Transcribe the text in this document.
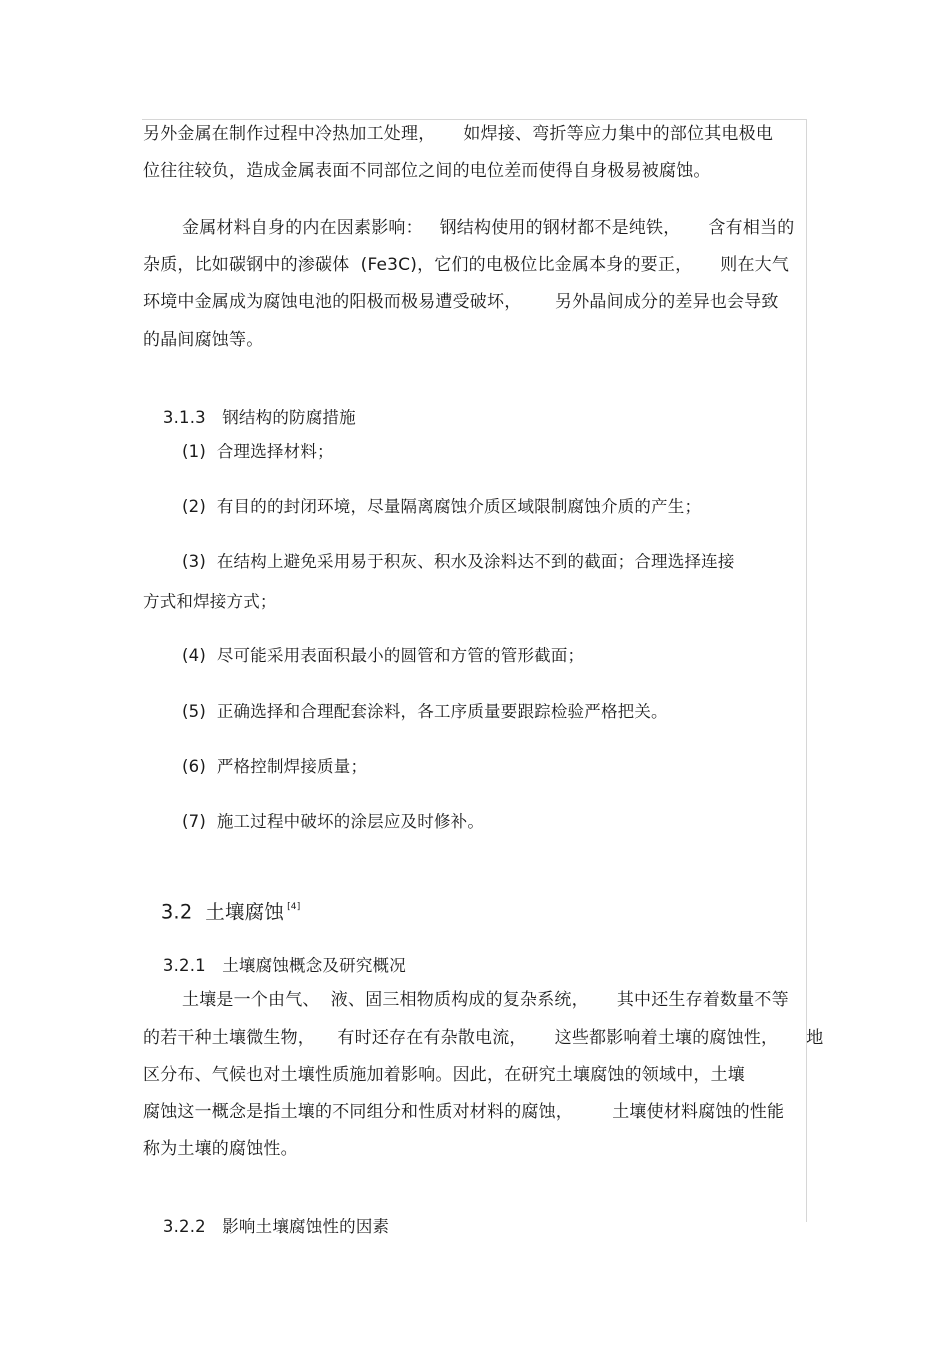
另外金属在制作过程中冷热加工处理，     如焊接、弯折等应力集中的部位其电极电
位往往较负，造成金属表面不同部位之间的电位差而使得自身极易被腐蚀。
金属材料自身的内在因素影响：   钢结构使用的钢材都不是纯铁，     含有相当的
杂质，比如碳钢中的渗碳体  (Fe3C)，它们的电极位比金属本身的要正，     则在大气
环境中金属成为腐蚀电池的阳极而极易遭受破坏，      另外晶间成分的差异也会导致
的晶间腐蚀等。

3.1.3 钢结构的防腐措施

(1)  合理选择材料；
(2)  有目的的封闭环境，尽量隔离腐蚀介质区域限制腐蚀介质的产生；
(3)  在结构上避免采用易于积灰、积水及涂料达不到的截面；合理选择连接
方式和焊接方式；
(4)  尽可能采用表面积最小的圆管和方管的管形截面；
(5)  正确选择和合理配套涂料，各工序质量要跟踪检验严格把关。
(6)  严格控制焊接质量；
(7)  施工过程中破坏的涂层应及时修补。

3.2 土壤腐蚀 [4]

3.2.1 土壤腐蚀概念及研究概况

土壤是一个由气、  液、固三相物质构成的复杂系统，     其中还生存着数量不等
的若干种土壤微生物，    有时还存在有杂散电流，     这些都影响着土壤的腐蚀性，     地
区分布、气候也对土壤性质施加着影响。因此，在研究土壤腐蚀的领域中，土壤
腐蚀这一概念是指土壤的不同组分和性质对材料的腐蚀，       土壤使材料腐蚀的性能
称为土壤的腐蚀性。

3.2.2 影响土壤腐蚀性的因素
